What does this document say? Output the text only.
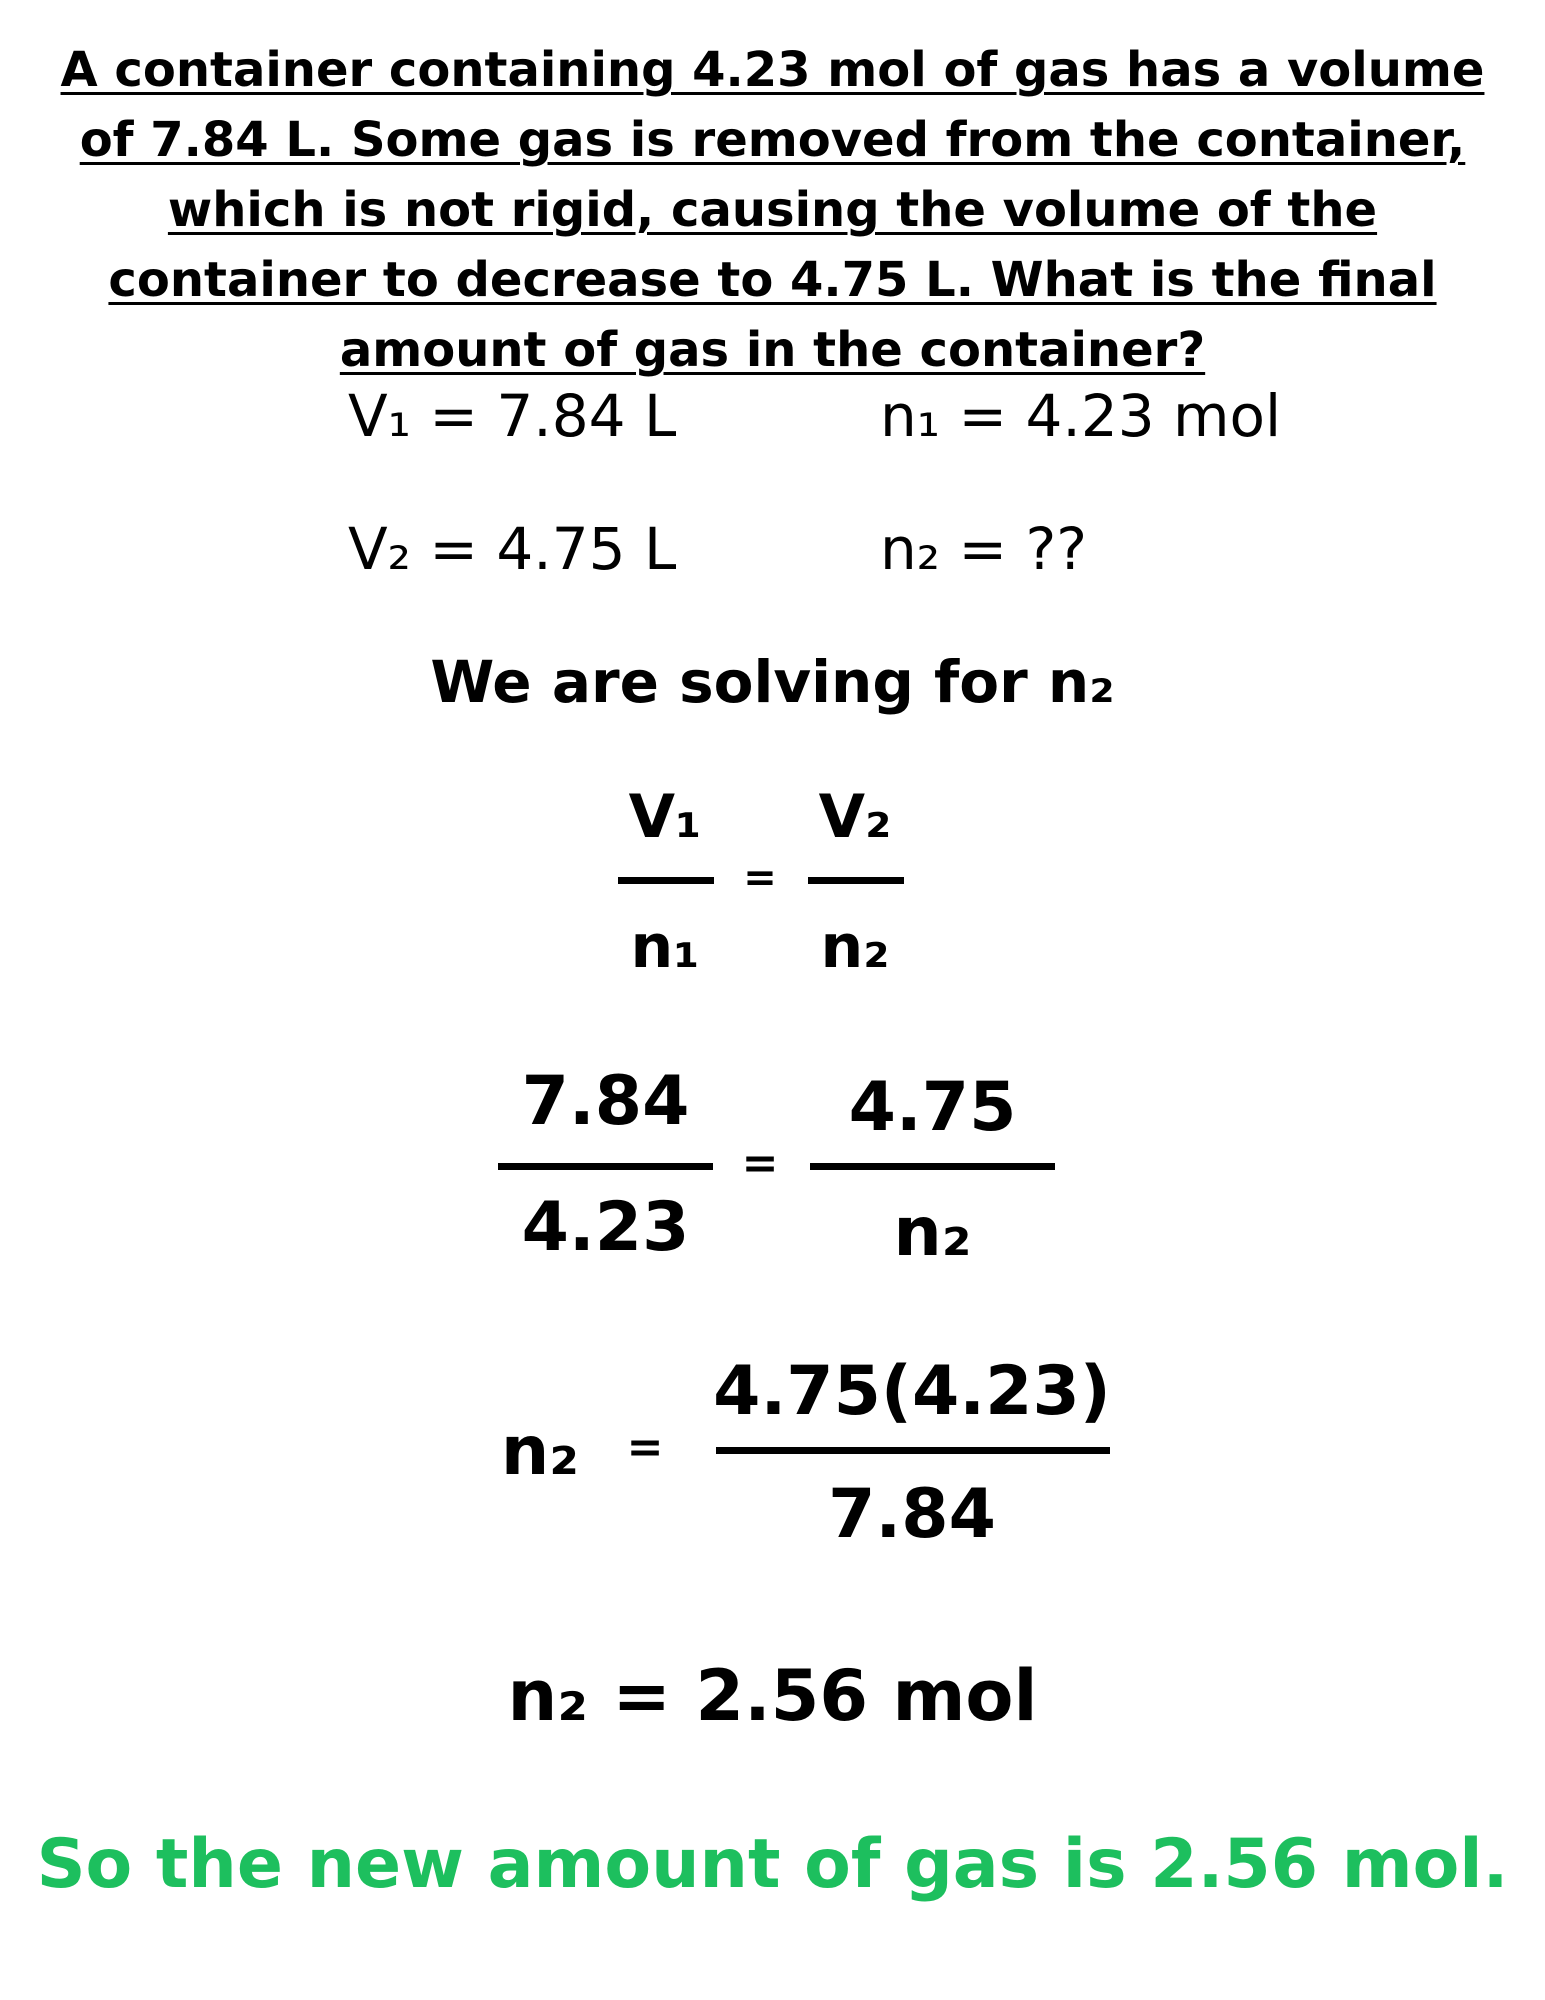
A container containing 4.23 mol of gas has a volume of 7.84 L. Some gas is removed from the container, which is not rigid, causing the volume of the container to decrease to 4.75 L. What is the final amount of gas in the container?
V₁ = 7.84 L	n₁ = 4.23 mol
V₂ = 4.75 L	n₂ = ??
We are solving for n₂
V₁
n₁
=
V₂
n₂
7.84
4.23
=
4.75
n₂
n₂ =
4.75(4.23)
7.84
n₂ = 2.56 mol
So the new amount of gas is 2.56 mol.
